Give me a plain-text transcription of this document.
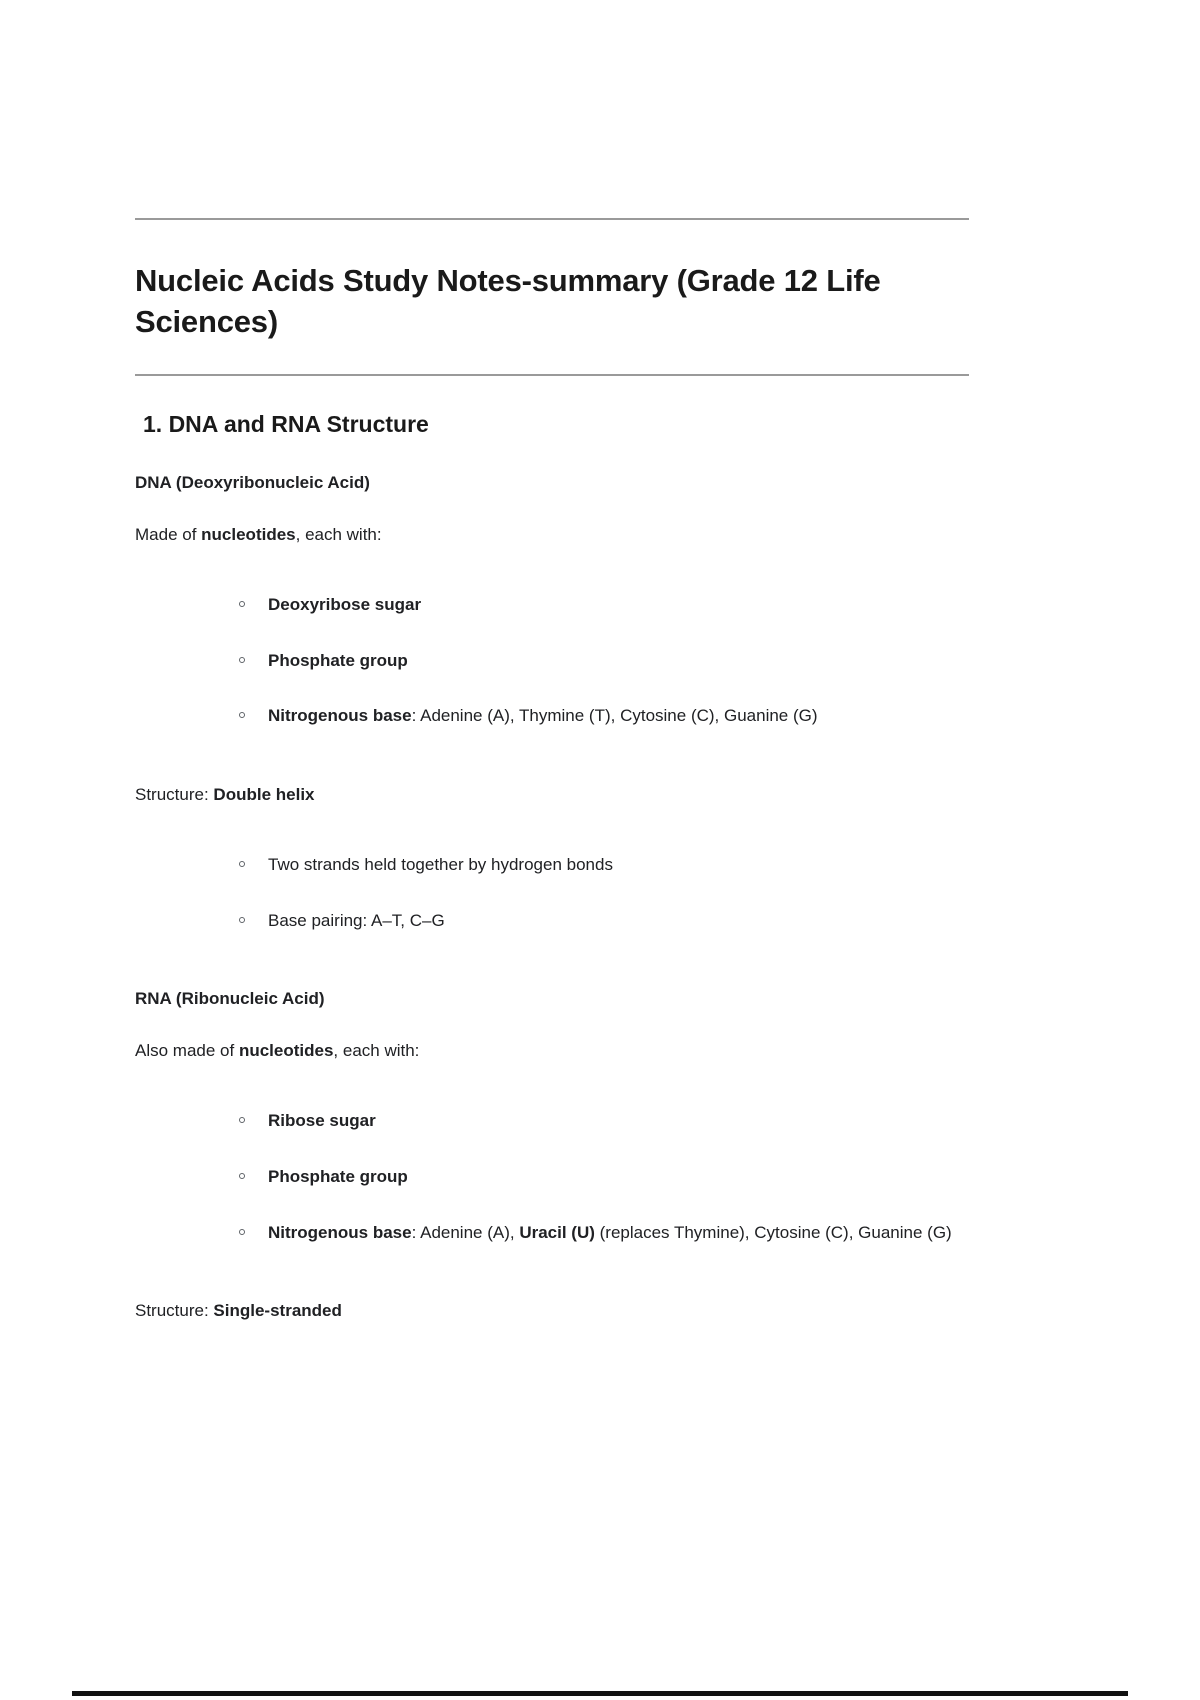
Nucleic Acids Study Notes-summary (Grade 12 Life Sciences)
1. DNA and RNA Structure

DNA (Deoxyribonucleic Acid)

Made of nucleotides, each with:

Deoxyribose sugar
Phosphate group
Nitrogenous base: Adenine (A), Thymine (T), Cytosine (C), Guanine (G)

Structure: Double helix

Two strands held together by hydrogen bonds
Base pairing: A–T, C–G

RNA (Ribonucleic Acid)

Also made of nucleotides, each with:

Ribose sugar
Phosphate group
Nitrogenous base: Adenine (A), Uracil (U) (replaces Thymine), Cytosine (C), Guanine (G)

Structure: Single-stranded
